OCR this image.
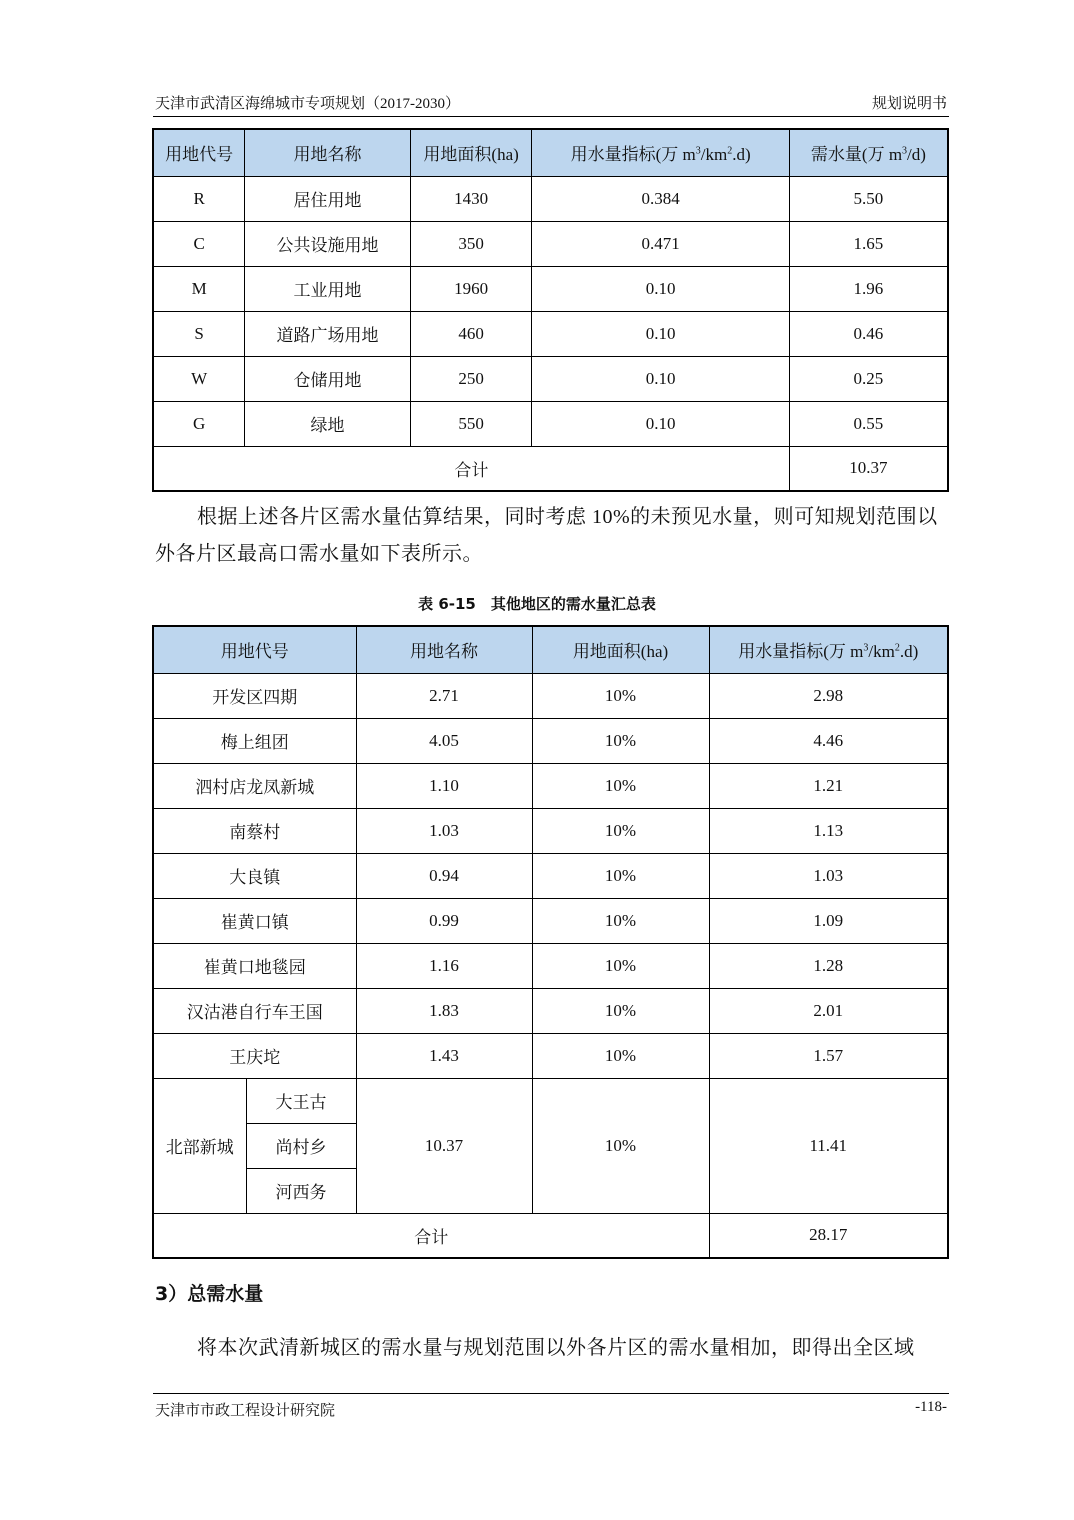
天津市武清区海绵城市专项规划（2017-2030）	规划说明书
用地代号	用地名称	用地面积(ha)	用水量指标(万 $m^3/km^2.d$)	需水量(万 $m^3/d$)
R	居住用地	1430	0.384	5.50
C	公共设施用地	350	0.471	1.65
M	工业用地	1960	0.10	1.96
S	道路广场用地	460	0.10	0.46
W	仓储用地	250	0.10	0.25
G	绿地	550	0.10	0.55
合计				10.37
根据上述各片区需水量估算结果，同时考虑 10%的未预见水量，则可知规划范围以外各片区最高口需水量如下表所示。
表 6-15　其他地区的需水量汇总表
用地代号		用地名称	用地面积(ha)	用水量指标(万 $m^3/km^2.d$)
开发区四期		2.71	10%	2.98
梅上组团		4.05	10%	4.46
泗村店龙凤新城		1.10	10%	1.21
南蔡村		1.03	10%	1.13
大良镇		0.94	10%	1.03
崔黄口镇		0.99	10%	1.09
崔黄口地毯园		1.16	10%	1.28
汉沽港自行车王国		1.83	10%	2.01
王庆坨		1.43	10%	1.57
北部新城	大王古	10.37	10%	11.41
	尚村乡			
	河西务			
合计				28.17
3）总需水量
将本次武清新城区的需水量与规划范围以外各片区的需水量相加，即得出全区域
天津市市政工程设计研究院	-118-
